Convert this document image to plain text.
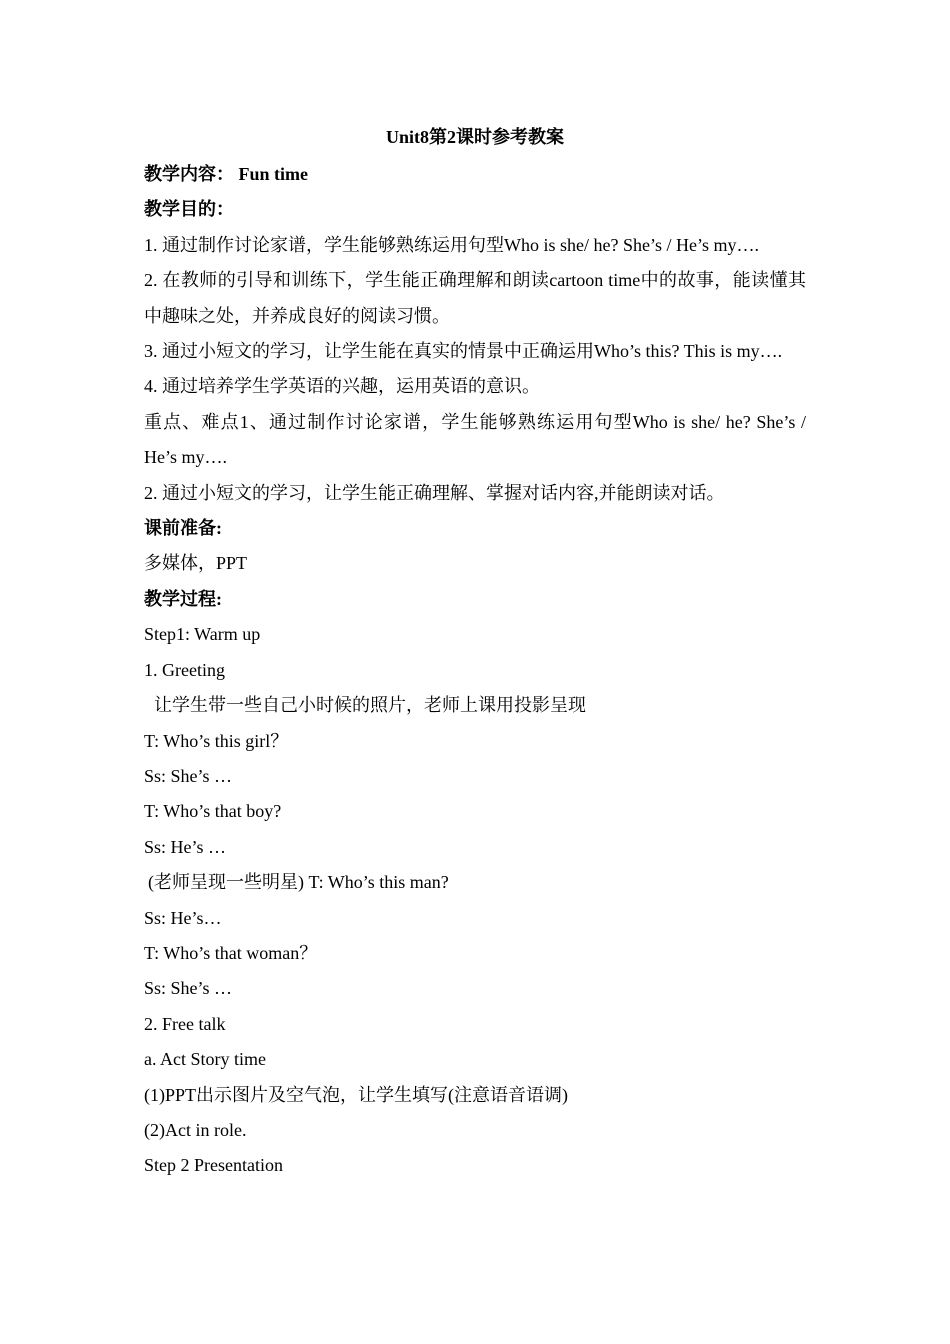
Unit8第2课时参考教案

教学内容： Fun time

教学目的：

1. 通过制作讨论家谱，学生能够熟练运用句型Who is she/ he? She’s / He’s my….

2. 在教师的引导和训练下，学生能正确理解和朗读cartoon time中的故事，能读懂其中趣味之处，并养成良好的阅读习惯。

3. 通过小短文的学习，让学生能在真实的情景中正确运用Who’s this? This is my….

4. 通过培养学生学英语的兴趣，运用英语的意识。

重点、难点1、通过制作讨论家谱，学生能够熟练运用句型Who is she/ he? She’s / He’s my….

2. 通过小短文的学习，让学生能正确理解、掌握对话内容,并能朗读对话。

课前准备:

多媒体，PPT

教学过程:

Step1: Warm up

1. Greeting

让学生带一些自己小时候的照片，老师上课用投影呈现

T: Who’s this girl？

Ss: She’s …

T: Who’s that boy?

Ss: He’s …

(老师呈现一些明星) T: Who’s this man?

Ss: He’s…

T: Who’s that woman？

Ss: She’s …

2. Free talk

a. Act Story time

(1)PPT出示图片及空气泡，让学生填写(注意语音语调)

(2)Act in role.

Step 2 Presentation
